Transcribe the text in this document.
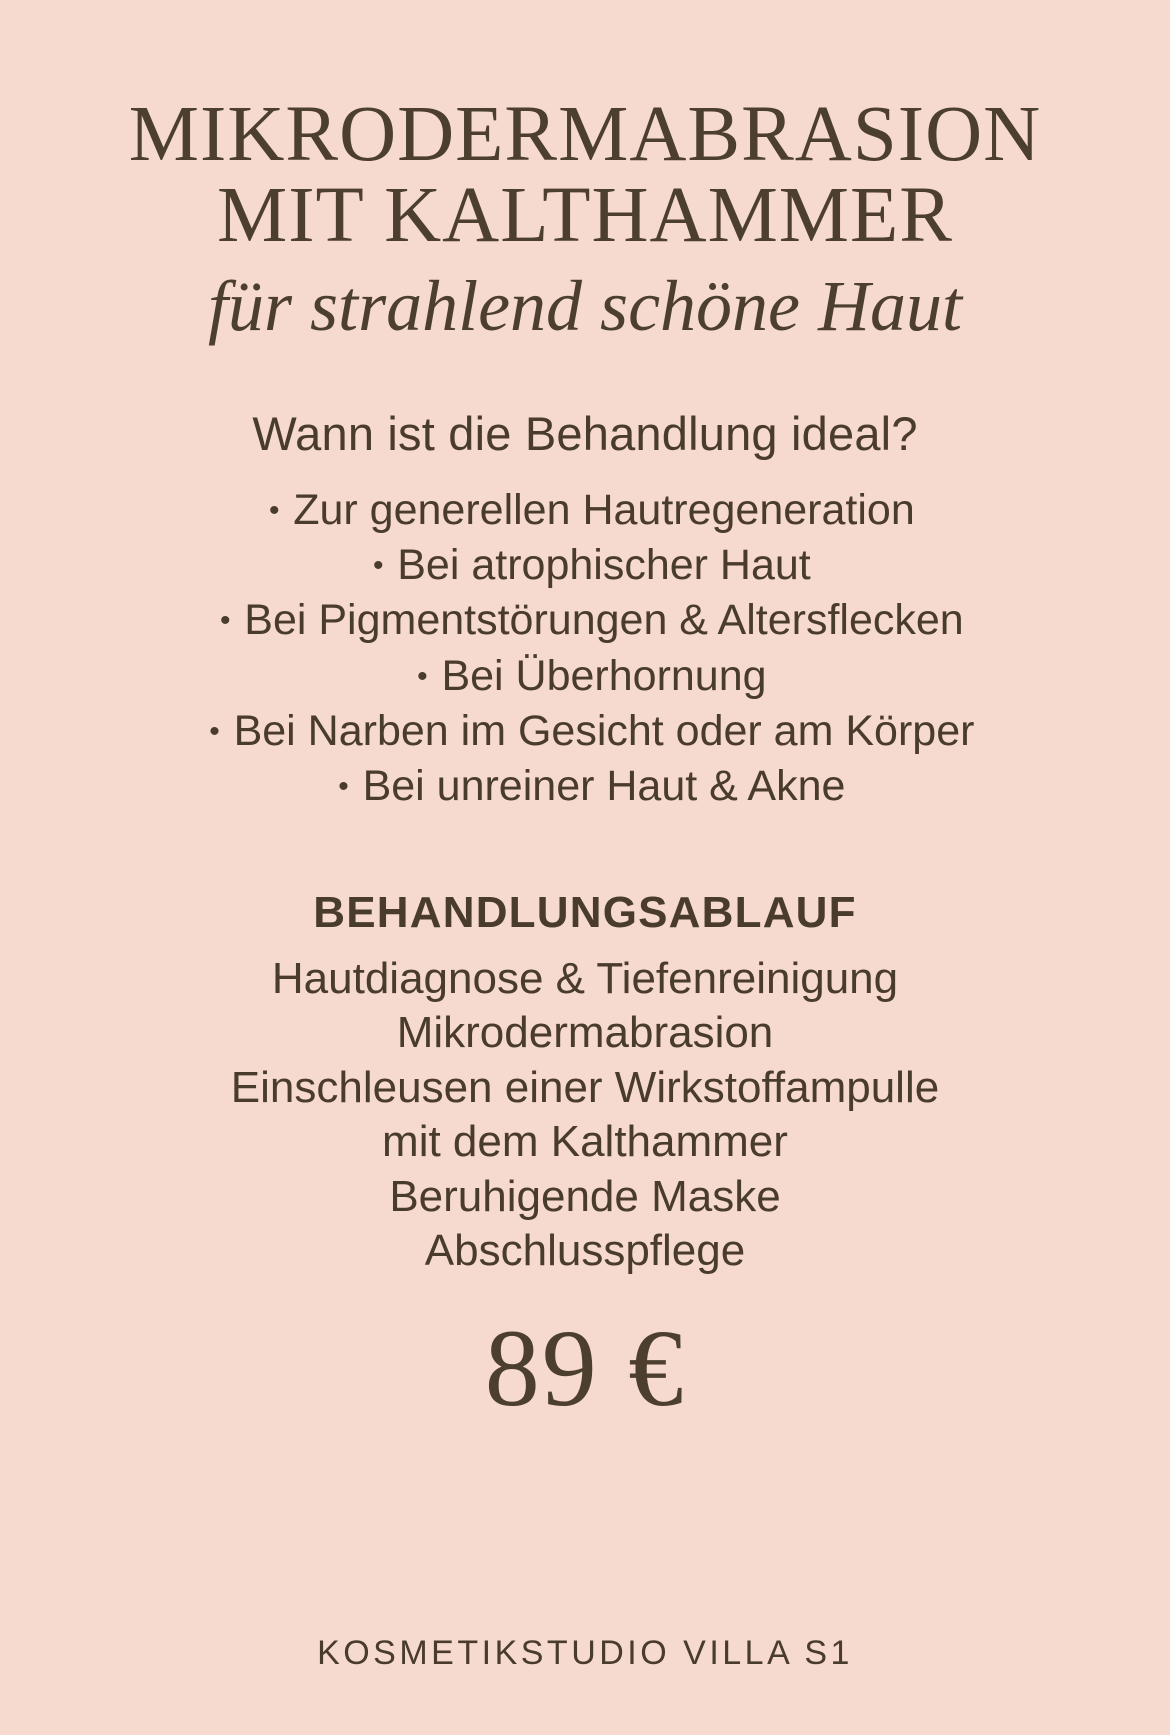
MIKRODERMABRASION
MIT KALTHAMMER
für strahlend schöne Haut
Wann ist die Behandlung ideal?
• Zur generellen Hautregeneration
• Bei atrophischer Haut
• Bei Pigmentstörungen & Altersflecken
• Bei Überhornung
• Bei Narben im Gesicht oder am Körper
• Bei unreiner Haut & Akne
BEHANDLUNGSABLAUF
Hautdiagnose & Tiefenreinigung
Mikrodermabrasion
Einschleusen einer Wirkstoffampulle
mit dem Kalthammer
Beruhigende Maske
Abschlusspflege
89 €
KOSMETIKSTUDIO VILLA S1
